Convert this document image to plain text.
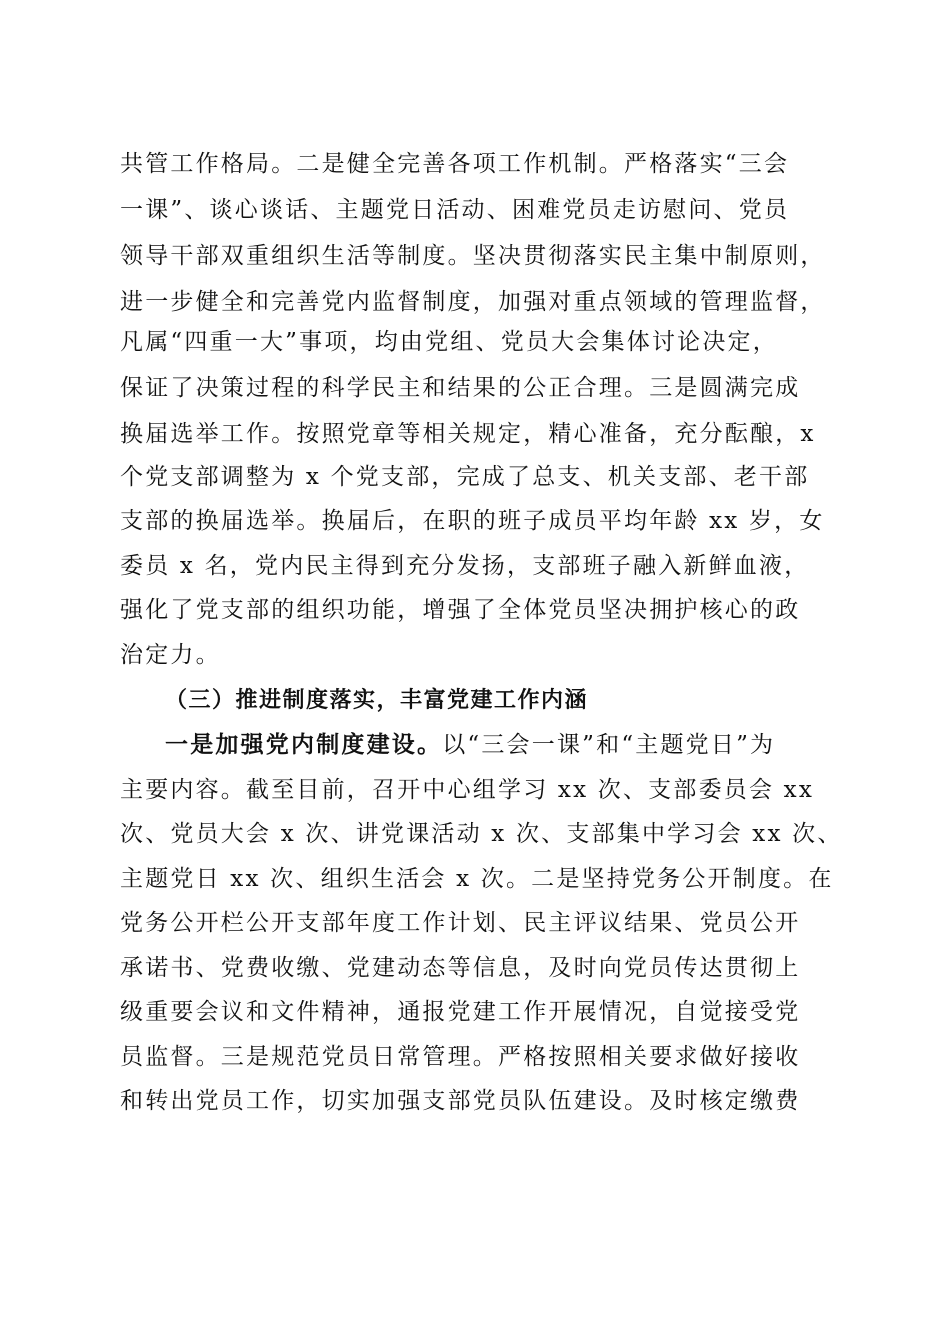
共管工作格局。二是健全完善各项工作机制。严格落实“三会
一课”、谈心谈话、主题党日活动、困难党员走访慰问、党员
领导干部双重组织生活等制度。坚决贯彻落实民主集中制原则，
进一步健全和完善党内监督制度，加强对重点领域的管理监督，
凡属“四重一大”事项，均由党组、党员大会集体讨论决定，
保证了决策过程的科学民主和结果的公正合理。三是圆满完成
换届选举工作。按照党章等相关规定，精心准备，充分酝酿，x
个党支部调整为 x 个党支部，完成了总支、机关支部、老干部
支部的换届选举。换届后，在职的班子成员平均年龄 xx 岁，女
委员 x 名，党内民主得到充分发扬，支部班子融入新鲜血液，
强化了党支部的组织功能，增强了全体党员坚决拥护核心的政
治定力。
（三）推进制度落实，丰富党建工作内涵
一是加强党内制度建设。以“三会一课”和“主题党日”为
主要内容。截至目前，召开中心组学习 xx 次、支部委员会 xx
次、党员大会 x 次、讲党课活动 x 次、支部集中学习会 xx 次、
主题党日 xx 次、组织生活会 x 次。二是坚持党务公开制度。在
党务公开栏公开支部年度工作计划、民主评议结果、党员公开
承诺书、党费收缴、党建动态等信息，及时向党员传达贯彻上
级重要会议和文件精神，通报党建工作开展情况，自觉接受党
员监督。三是规范党员日常管理。严格按照相关要求做好接收
和转出党员工作，切实加强支部党员队伍建设。及时核定缴费
